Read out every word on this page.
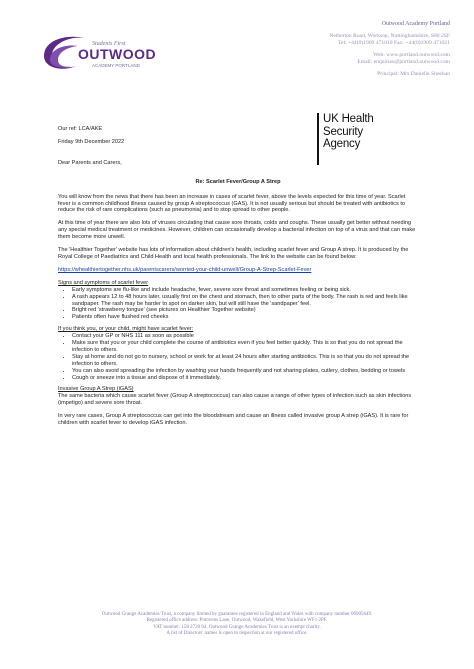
Students First
OUTWOOD
ACADEMY PORTLAND
Outwood Academy Portland
Netherton Road, Worksop, Nottinghamshire, S80 2SF
Tel: +44(0)1909 471010 Fax: +44(0)1909 471021
Web: www.portland.outwood.com
Email: enquiries@portland.outwood.com
Principal: Mrs Danielle Sheehan
UK Health
Security
Agency
Our ref: LCA/AKE
Friday 9th December 2022
Dear Parents and Carers,
Re: Scarlet Fever/Group A Strep
You will know from the news that there has been an increase in cases of scarlet fever, above the levels expected for this time of year. Scarlet fever is a common childhood illness caused by group A streptococcus (GAS). It is not usually serious but should be treated with antibiotics to reduce the risk of rare complications (such as pneumonia) and to stop spread to other people.
At this time of year there are also lots of viruses circulating that cause sore throats, colds and coughs. These usually get better without needing any special medical treatment or medicines. However, children can occasionally develop a bacterial infection on top of a virus and that can make them become more unwell.
The 'Healthier Together' website has lots of information about children's health, including scarlet fever and Group A strep. It is produced by the Royal College of Paediatrics and Child Health and local health professionals. The link to the website can be found below:
https://whealthiertogether.nhs.uk/parentscarers/worried-your-child-unwell/Group-A-Strep-Scarlet-Fever
Signs and symptoms of scarlet fever
• Early symptoms are flu-like and include headache, fever, severe sore throat and sometimes feeling or being sick.
• A rash appears 12 to 48 hours later, usually first on the chest and stomach, then to other parts of the body. The rash is red and feels like sandpaper. The rash may be harder to spot on darker skin, but will still have the 'sandpaper' feel.
• Bright red 'strawberry tongue' (see pictures on Healthier Together website)
• Patients often have flushed red cheeks
If you think you, or your child, might have scarlet fever:
• Contact your GP or NHS 111 as soon as possible
• Make sure that you or your child complete the course of antibiotics even if you feel better quickly. This is so that you do not spread the infection to others.
• Stay at home and do not go to nursery, school or work for at least 24 hours after starting antibiotics. This is so that you do not spread the infection to others.
• You can also avoid spreading the infection by washing your hands frequently and not sharing plates, cutlery, clothes, bedding or towels
• Cough or sneeze into a tissue and dispose of it immediately.
Invasive Group A Strep (iGAS)
The same bacteria which cause scarlet fever (Group A streptococcus) can also cause a range of other types of infection such as skin infections (impetigo) and severe sore throat.
In very rare cases, Group A streptococcus can get into the bloodstream and cause an illness called invasive group A strep (iGAS). It is rare for children with scarlet fever to develop iGAS infection.
Outwood Grange Academies Trust, a company limited by guarantee registered in England and Wales with company number 06905649.
Registered office address: Potovens Lane, Outwood, Wakefield, West Yorkshire WF1 2PF.
VAT number: 158 2720 04. Outwood Grange Academies Trust is an exempt charity.
A list of Directors' names is open to inspection at our registered office.
